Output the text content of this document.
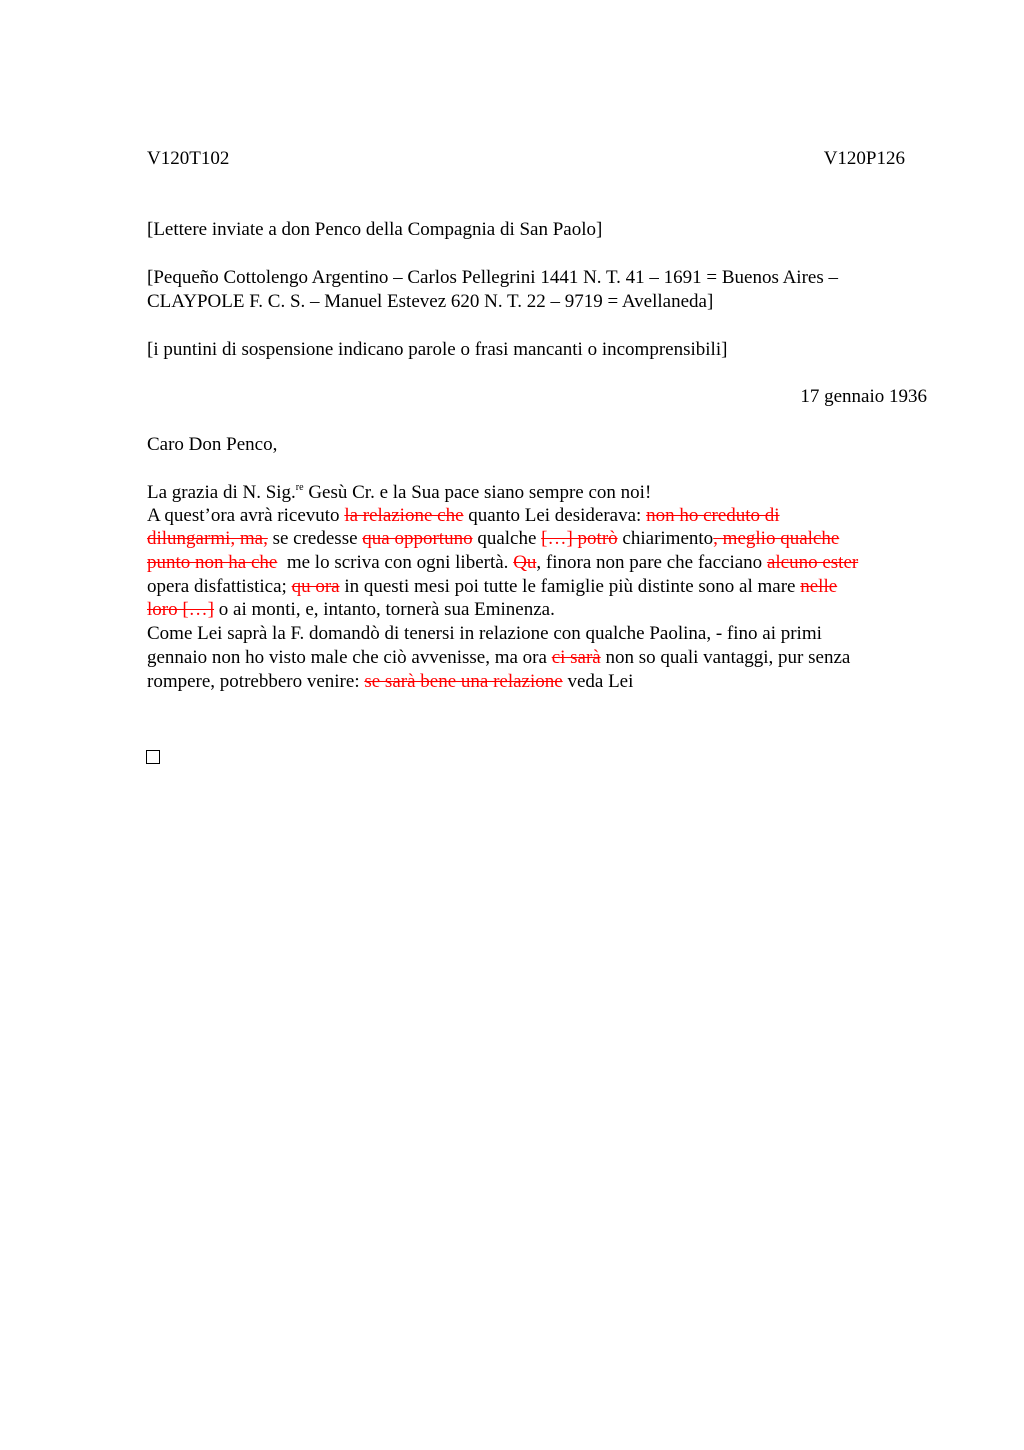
V120T102	V120P126
[Lettere inviate a don Penco della Compagnia di San Paolo]
[Pequeño Cottolengo Argentino – Carlos Pellegrini 1441 N. T. 41 – 1691 = Buenos Aires –
CLAYPOLE F. C. S. – Manuel Estevez 620 N. T. 22 – 9719 = Avellaneda]
[i puntini di sospensione indicano parole o frasi mancanti o incomprensibili]
17 gennaio 1936
Caro Don Penco,
La grazia di N. Sig.$^{re}$ Gesù Cr. e la Sua pace siano sempre con noi!
A quest’ora avrà ricevuto la relazione che quanto Lei desiderava: non ho creduto di
dilungarmi, ma, se credesse qua opportuno qualche […] potrò chiarimento, meglio qualche
punto non ha che  me lo scriva con ogni libertà. Qu, finora non pare che facciano alcuno ester
opera disfattistica; qu ora in questi mesi poi tutte le famiglie più distinte sono al mare nelle
loro […] o ai monti, e, intanto, tornerà sua Eminenza.
Come Lei saprà la F. domandò di tenersi in relazione con qualche Paolina, - fino ai primi
gennaio non ho visto male che ciò avvenisse, ma ora ci sarà non so quali vantaggi, pur senza
rompere, potrebbero venire: se sarà bene una relazione veda Lei
